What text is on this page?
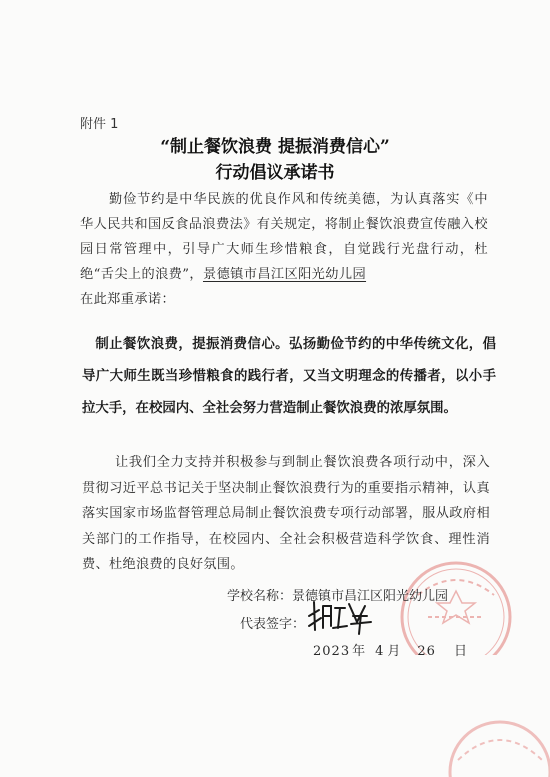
附件 1

“制止餐饮浪费 提振消费信心”
行动倡议承诺书

勤俭节约是中华民族的优良作风和传统美德，为认真落实《中华人民共和国反食品浪费法》有关规定，将制止餐饮浪费宣传融入校园日常管理中，引导广大师生珍惜粮食，自觉践行光盘行动，杜绝“舌尖上的浪费”，景德镇市昌江区阳光幼儿园
在此郑重承诺：

制止餐饮浪费，提振消费信心。弘扬勤俭节约的中华传统文化，倡导广大师生既当珍惜粮食的践行者，又当文明理念的传播者，以小手拉大手，在校园内、全社会努力营造制止餐饮浪费的浓厚氛围。

让我们全力支持并积极参与到制止餐饮浪费各项行动中，深入贯彻习近平总书记关于坚决制止餐饮浪费行为的重要指示精神，认真落实国家市场监督管理总局制止餐饮浪费专项行动部署，服从政府相关部门的工作指导，在校园内、全社会积极营造科学饮食、理性消费、杜绝浪费的良好氛围。

学校名称：景德镇市昌江区阳光幼儿园

代表签字：

2023 年 4 月 26 日
